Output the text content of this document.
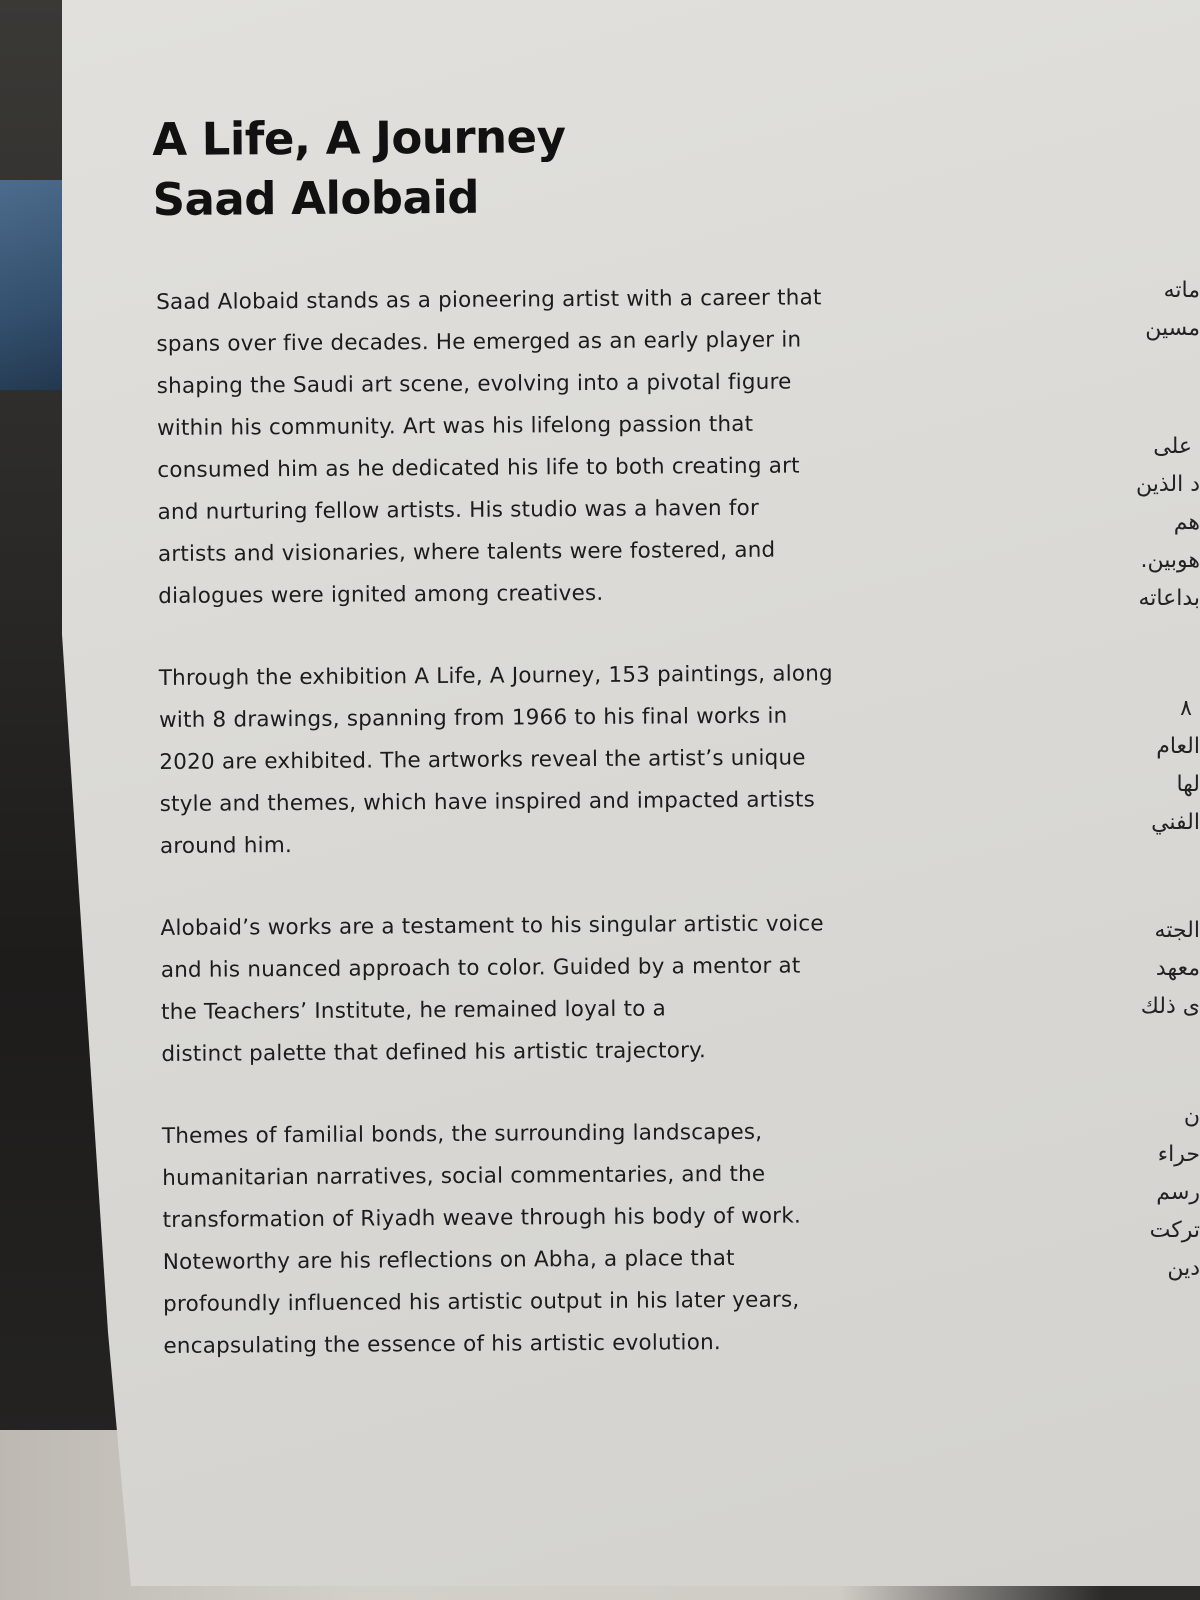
A Life, A Journey
Saad Alobaid

Saad Alobaid stands as a pioneering artist with a career that
spans over five decades. He emerged as an early player in
shaping the Saudi art scene, evolving into a pivotal figure
within his community. Art was his lifelong passion that
consumed him as he dedicated his life to both creating art
and nurturing fellow artists. His studio was a haven for
artists and visionaries, where talents were fostered, and
dialogues were ignited among creatives.

Through the exhibition A Life, A Journey, 153 paintings, along
with 8 drawings, spanning from 1966 to his final works in
2020 are exhibited. The artworks reveal the artist’s unique
style and themes, which have inspired and impacted artists
around him.

Alobaid’s works are a testament to his singular artistic voice
and his nuanced approach to color. Guided by a mentor at
the Teachers’ Institute, he remained loyal to a
distinct palette that defined his artistic trajectory.

Themes of familial bonds, the surrounding landscapes,
humanitarian narratives, social commentaries, and the
transformation of Riyadh weave through his body of work.
Noteworthy are his reflections on Abha, a place that
profoundly influenced his artistic output in his later years,
encapsulating the essence of his artistic evolution.

ماته
مسين
على
د الذين
هم
هوبين.
بداعاته
٨
العام
لها
الفني
الجته
معهد
ى ذلك
ن
حراء
رسم
تركت
دين
